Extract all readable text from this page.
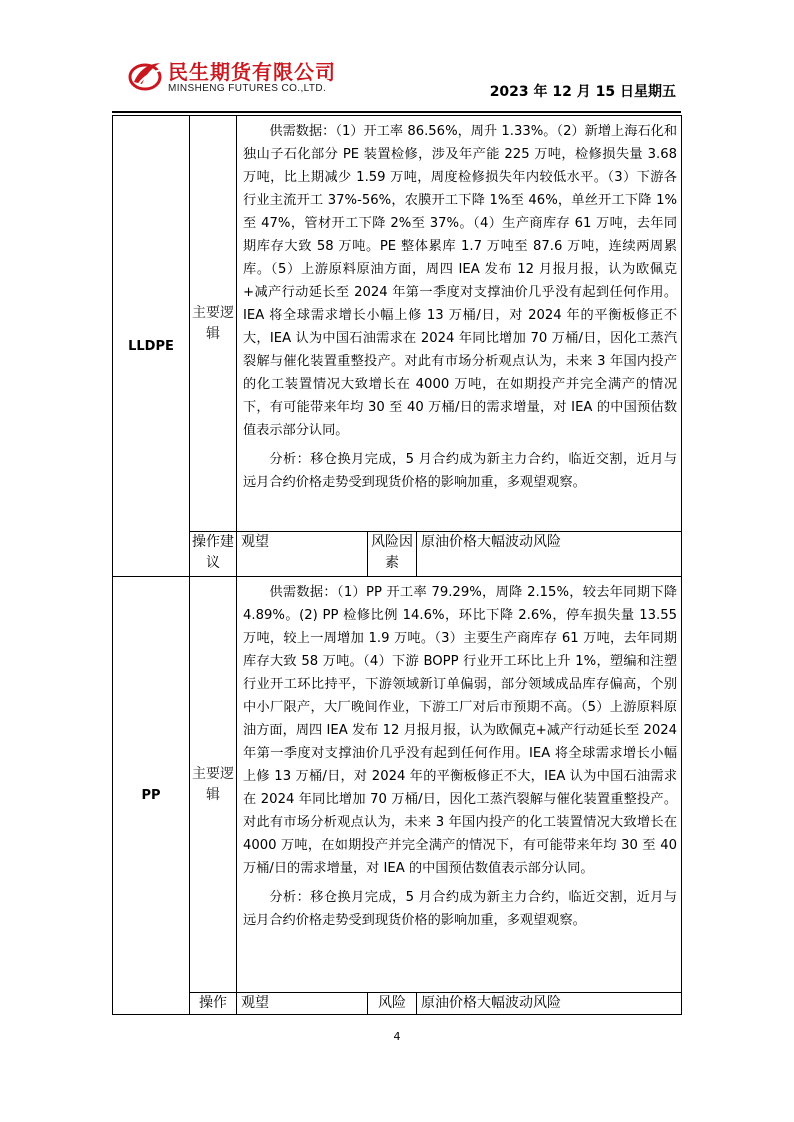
民生期货有限公司
MINSHENG FUTURES CO.,LTD.	2023 年 12 月 15 日星期五
LLDPE	主要逻辑	供需数据：（1）开工率 86.56%，周升 1.33%。（2）新增上海石化和独山子石化部分 PE 装置检修，涉及年产能 225 万吨，检修损失量 3.68 万吨，比上期减少 1.59 万吨，周度检修损失年内较低水平。（3）下游各行业主流开工 37%-56%，农膜开工下降 1%至 46%，单丝开工下降 1%至 47%，管材开工下降 2%至 37%。（4）生产商库存 61 万吨，去年同期库存大致 58 万吨。PE 整体累库 1.7 万吨至 87.6 万吨，连续两周累库。（5）上游原料原油方面，周四 IEA 发布 12 月报月报，认为欧佩克+减产行动延长至 2024 年第一季度对支撑油价几乎没有起到任何作用。IEA 将全球需求增长小幅上修 13 万桶/日，对 2024 年的平衡板修正不大，IEA 认为中国石油需求在 2024 年同比增加 70 万桶/日，因化工蒸汽裂解与催化装置重整投产。对此有市场分析观点认为，未来 3 年国内投产的化工装置情况大致增长在 4000 万吨，在如期投产并完全满产的情况下，有可能带来年均 30 至 40 万桶/日的需求增量，对 IEA 的中国预估数值表示部分认同。

分析：移仓换月完成，5 月合约成为新主力合约，临近交割，近月与远月合约价格走势受到现货价格的影响加重，多观望观察。		

	操作建议	观望	风险因素	原油价格大幅波动风险
PP	主要逻辑	供需数据：（1）PP 开工率 79.29%，周降 2.15%，较去年同期下降 4.89%。(2) PP 检修比例 14.6%，环比下降 2.6%，停车损失量 13.55 万吨，较上一周增加 1.9 万吨。（3）主要生产商库存 61 万吨，去年同期库存大致 58 万吨。（4）下游 BOPP 行业开工环比上升 1%，塑编和注塑行业开工环比持平，下游领域新订单偏弱，部分领域成品库存偏高，个别中小厂限产，大厂晚间作业，下游工厂对后市预期不高。（5）上游原料原油方面，周四 IEA 发布 12 月报月报，认为欧佩克+减产行动延长至 2024 年第一季度对支撑油价几乎没有起到任何作用。IEA 将全球需求增长小幅上修 13 万桶/日，对 2024 年的平衡板修正不大，IEA 认为中国石油需求在 2024 年同比增加 70 万桶/日，因化工蒸汽裂解与催化装置重整投产。对此有市场分析观点认为，未来 3 年国内投产的化工装置情况大致增长在 4000 万吨，在如期投产并完全满产的情况下，有可能带来年均 30 至 40 万桶/日的需求增量，对 IEA 的中国预估数值表示部分认同。

分析：移仓换月完成，5 月合约成为新主力合约，临近交割，近月与远月合约价格走势受到现货价格的影响加重，多观望观察。		

	操作	观望	风险	原油价格大幅波动风险
4
